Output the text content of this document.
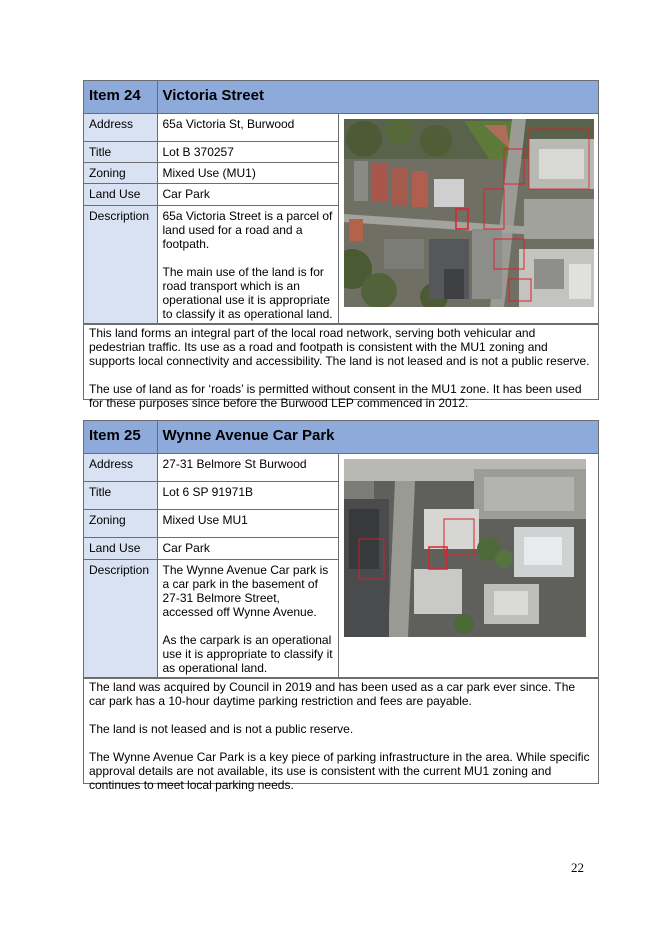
Item 24	Victoria Street	
Address	65a Victoria St, Burwood	

Title	Lot B 370257	
Zoning	Mixed Use (MU1)	
Land Use	Car Park	
Description	65a Victoria Street is a parcel of land used for a road and a footpath.

The main use of the land is for road transport which is an operational use it is appropriate to classify it as operational land.	

This land forms an integral part of the local road network, serving both vehicular and pedestrian traffic. Its use as a road and footpath is consistent with the MU1 zoning and supports local connectivity and accessibility. The land is not leased and is not a public reserve.

The use of land as for ‘roads’ is permitted without consent in the MU1 zone. It has been used for these purposes since before the Burwood LEP commenced in 2012.

Item 25	Wynne Avenue Car Park	
Address	27-31 Belmore St Burwood	

Title	Lot 6 SP 91971B	
Zoning	Mixed Use MU1	
Land Use	Car Park	
Description	The Wynne Avenue Car park is a car park in the basement of 27-31 Belmore Street, accessed off Wynne Avenue.

As the carpark is an operational use it is appropriate to classify it as operational land.	

The land was acquired by Council in 2019 and has been used as a car park ever since. The car park has a 10-hour daytime parking restriction and fees are payable.

The land is not leased and is not a public reserve.

The Wynne Avenue Car Park is a key piece of parking infrastructure in the area. While specific approval details are not available, its use is consistent with the current MU1 zoning and continues to meet local parking needs.

22
